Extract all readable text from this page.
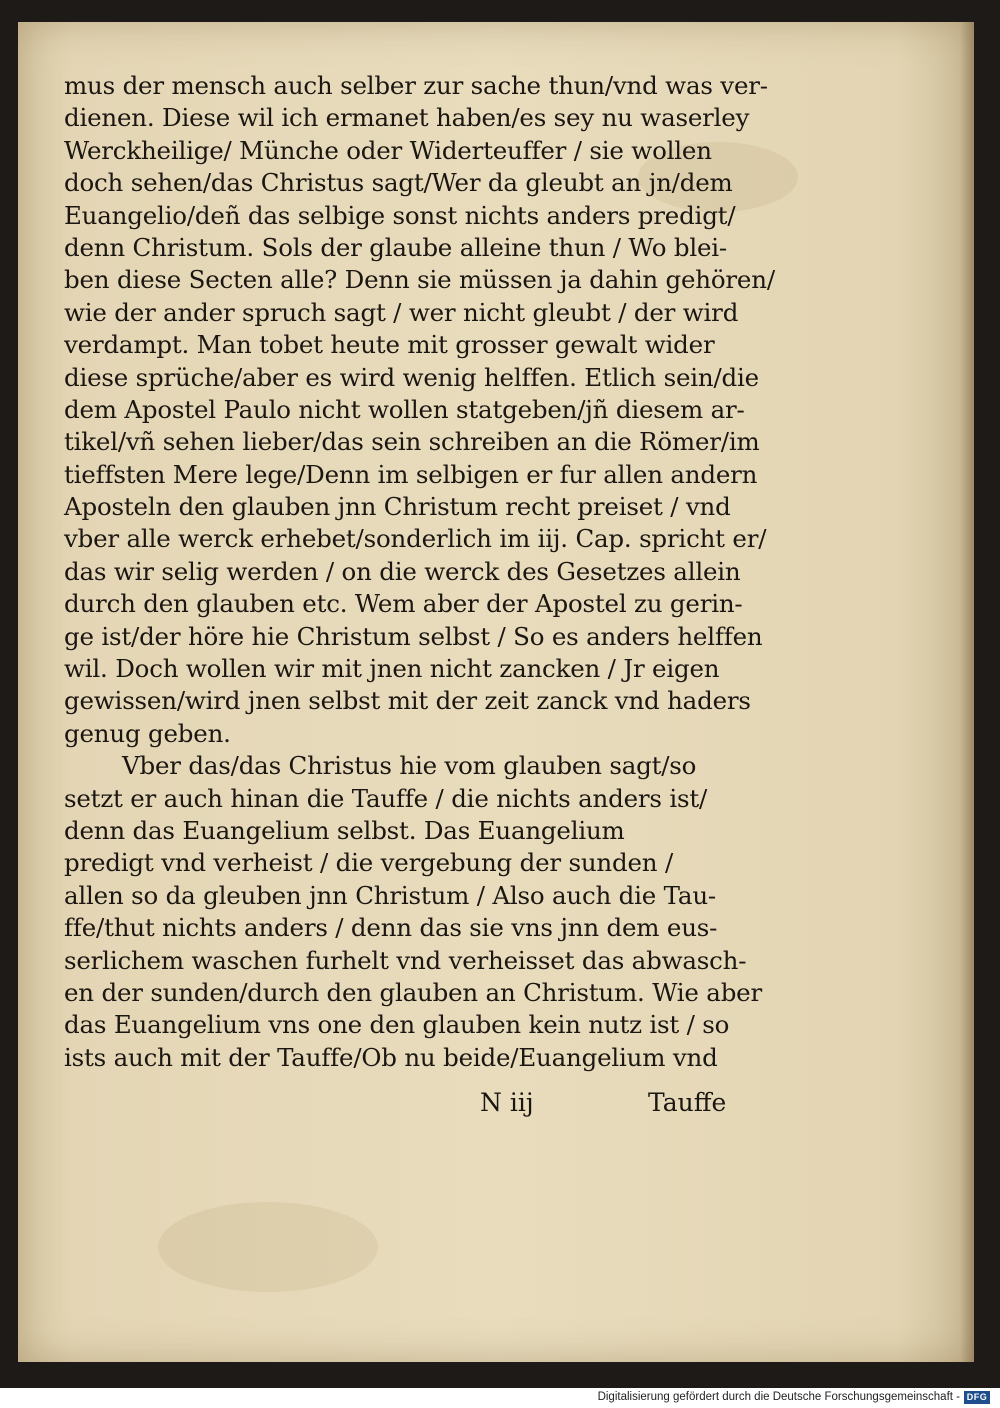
mus der mensch auch selber zur sache thun/vnd was ver-
dienen. Diese wil ich ermanet haben/es sey nu waserley
Werckheilige/ Münche oder Widerteuffer / sie wollen
doch sehen/das Christus sagt/Wer da gleubt an jn/dem
Euangelio/deñ das selbige sonst nichts anders predigt/
denn Christum. Sols der glaube alleine thun / Wo blei-
ben diese Secten alle? Denn sie müssen ja dahin gehören/
wie der ander spruch sagt / wer nicht gleubt / der wird
verdampt. Man tobet heute mit grosser gewalt wider
diese sprüche/aber es wird wenig helffen. Etlich sein/die
dem Apostel Paulo nicht wollen statgeben/jñ diesem ar-
tikel/vñ sehen lieber/das sein schreiben an die Römer/im
tieffsten Mere lege/Denn im selbigen er fur allen andern
Aposteln den glauben jnn Christum recht preiset / vnd
vber alle werck erhebet/sonderlich im iij. Cap. spricht er/
das wir selig werden / on die werck des Gesetzes allein
durch den glauben etc. Wem aber der Apostel zu gerin-
ge ist/der höre hie Christum selbst / So es anders helffen
wil. Doch wollen wir mit jnen nicht zancken / Jr eigen
gewissen/wird jnen selbst mit der zeit zanck vnd haders
genug geben.
Vber das/das Christus hie vom glauben sagt/so
setzt er auch hinan die Tauffe / die nichts anders ist/
denn das Euangelium selbst. Das Euangelium
predigt vnd verheist / die vergebung der sunden /
allen so da gleuben jnn Christum / Also auch die Tau-
ffe/thut nichts anders / denn das sie vns jnn dem eus-
serlichem waschen furhelt vnd verheisset das abwasch-
en der sunden/durch den glauben an Christum. Wie aber
das Euangelium vns one den glauben kein nutz ist / so
ists auch mit der Tauffe/Ob nu beide/Euangelium vnd
N iij	Tauffe
Digitalisierung gefördert durch die Deutsche Forschungsgemeinschaft - DFG
